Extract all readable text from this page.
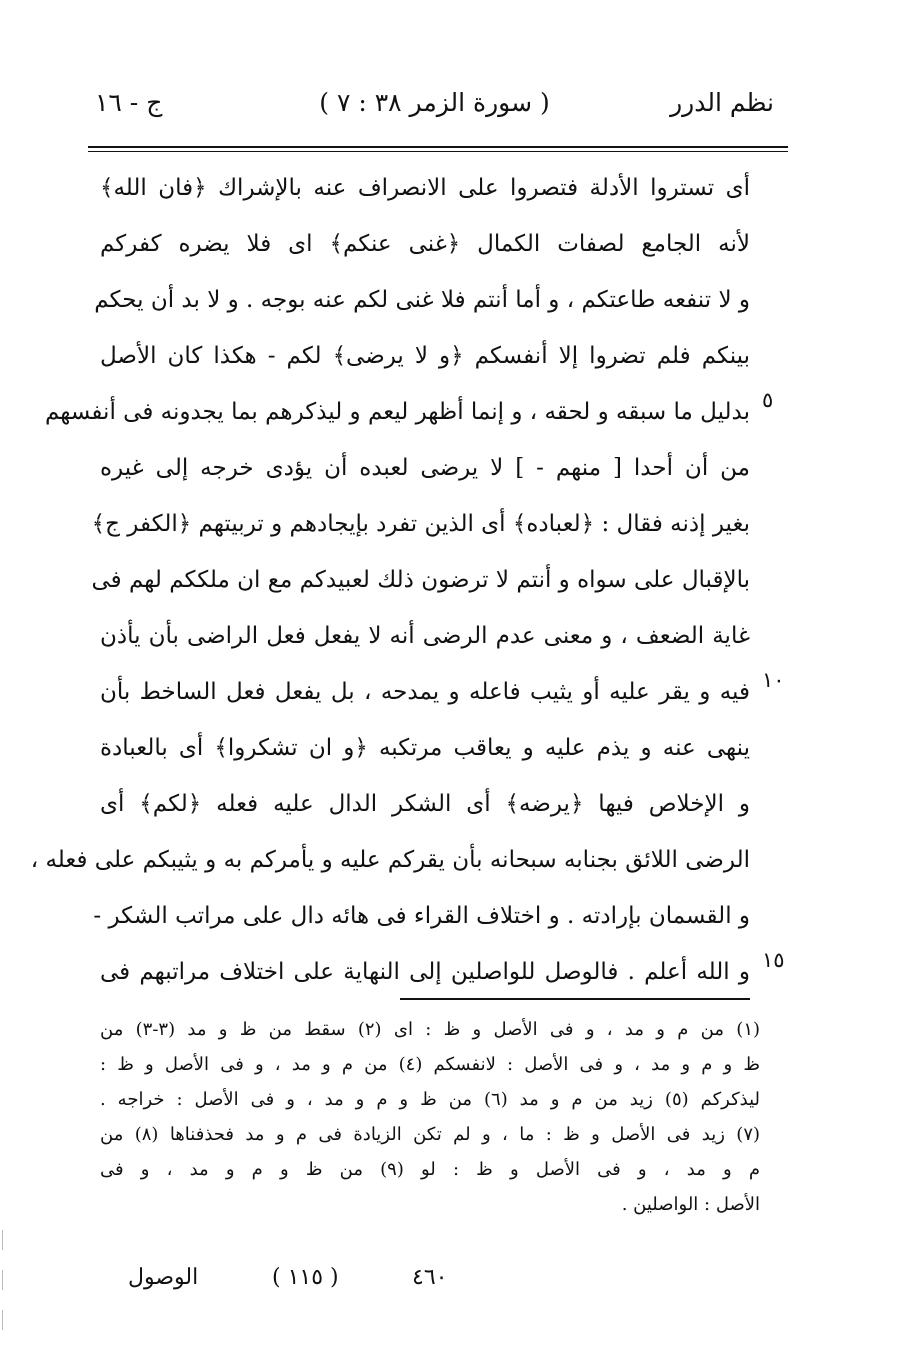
نظم الدرر
( سورة الزمر ٣٨ : ٧ )
ج - ١٦
أى تستروا الأدلة فتصروا على الانصراف عنه بالإشراك ﴿فان الله﴾
لأنه الجامع لصفات الكمال ﴿غنى عنكم﴾ اى فلا يضره كفركم
و لا تنفعه طاعتكم ، و أما أنتم فلا غنى لكم عنه بوجه . و لا بد أن يحكم
بينكم فلم تضروا إلا أنفسكم ﴿و لا يرضى﴾ لكم - هكذا كان الأصل
بدليل ما سبقه و لحقه ، و إنما أظهر ليعم و ليذكرهم بما يجدونه فى أنفسهم
من أن أحدا [ منهم - ] لا يرضى لعبده أن يؤدى خرجه إلى غيره
بغير إذنه فقال : ﴿لعباده﴾ أى الذين تفرد بإيجادهم و تربيتهم ﴿الكفر ج﴾
بالإقبال على سواه و أنتم لا ترضون ذلك لعبيدكم مع ان ملككم لهم فى
غاية الضعف ، و معنى عدم الرضى أنه لا يفعل فعل الراضى بأن يأذن
فيه و يقر عليه أو يثيب فاعله و يمدحه ، بل يفعل فعل الساخط بأن
ينهى عنه و يذم عليه و يعاقب مرتكبه ﴿و ان تشكروا﴾ أى بالعبادة
و الإخلاص فيها ﴿يرضه﴾ أى الشكر الدال عليه فعله ﴿لكم﴾ أى
الرضى اللائق بجنابه سبحانه بأن يقركم عليه و يأمركم به و يثيبكم على فعله ،
و القسمان بإرادته . و اختلاف القراء فى هائه دال على مراتب الشكر -
و الله أعلم . فالوصل للواصلين إلى النهاية على اختلاف مراتبهم فى
٥
١٠
١٥
(١) من م و مد ، و فى الأصل و ظ : اى (٢) سقط من ظ و مد (٣-٣) من
ظ و م و مد ، و فى الأصل : لانفسكم (٤) من م و مد ، و فى الأصل و ظ :
ليذكركم (٥) زيد من م و مد (٦) من ظ و م و مد ، و فى الأصل : خراجه .
(٧) زيد فى الأصل و ظ : ما ، و لم تكن الزيادة فى م و مد فحذفناها (٨) من
م و مد ، و فى الأصل و ظ : لو (٩) من ظ و م و مد ، و فى
الأصل : الواصلين .
٤٦٠
( ١١٥ )
الوصول
